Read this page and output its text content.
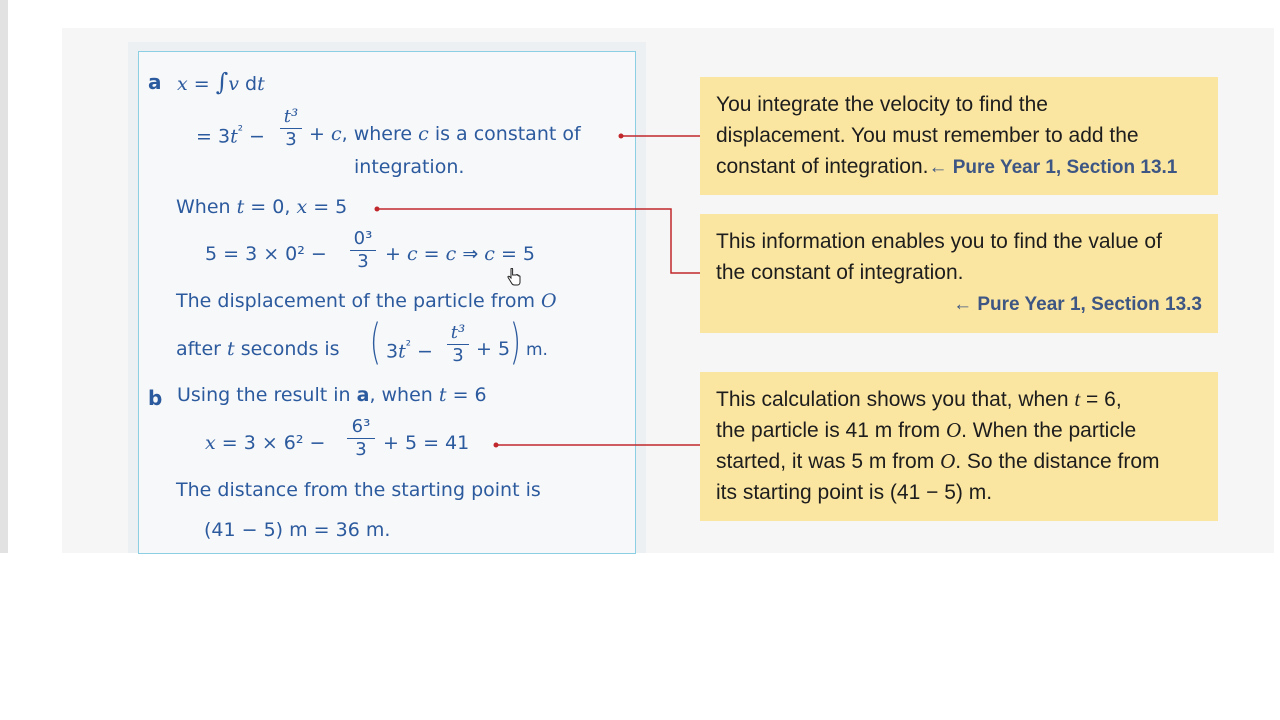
a x = ∫v dt
= $3t^{^2}$ −
t³
3 + c, where c is a constant of
integration.
When t = 0, x = 5
5 = 3 × 0² −
0³
3 + c = c ⇒ c = 5
The displacement of the particle from O
after t seconds is ( $3t^{^2}$ −
t³
3 + 5 ) m.
b Using the result in a, when t = 6
x = 3 × 6² −
6³
3 + 5 = 41
The distance from the starting point is
(41 − 5) m = 36 m.
You integrate the velocity to find the
displacement. You must remember to add the
constant of integration.← Pure Year 1, Section 13.1
This information enables you to find the value of
the constant of integration.
← Pure Year 1, Section 13.3
This calculation shows you that, when t = 6,
the particle is 41 m from O. When the particle
started, it was 5 m from O. So the distance from
its starting point is (41 − 5) m.
